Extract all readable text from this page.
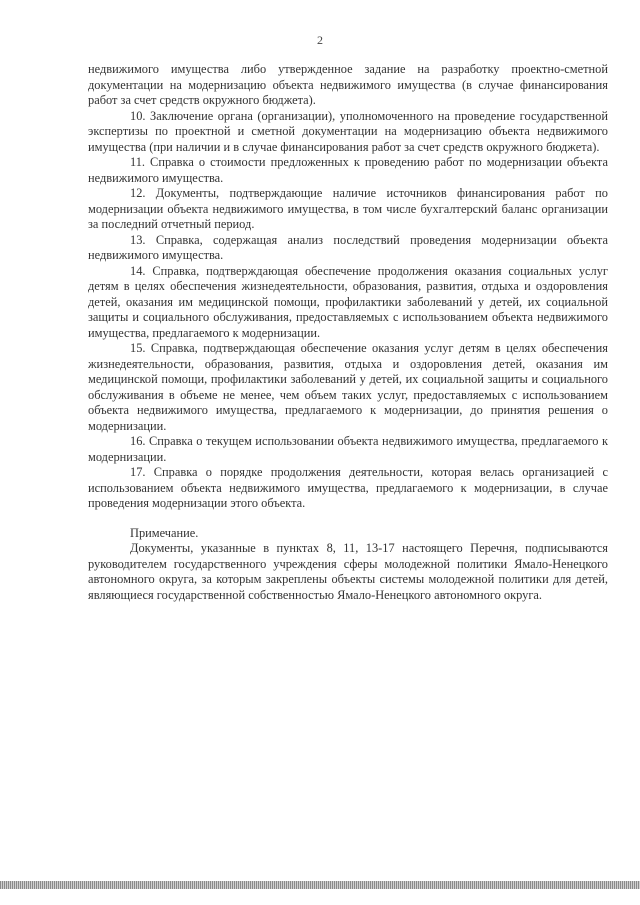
2

недвижимого имущества либо утвержденное задание на разработку проектно-сметной документации на модернизацию объекта недвижимого имущества (в случае финансирования работ за счет средств окружного бюджета).

10. Заключение органа (организации), уполномоченного на проведение государственной экспертизы по проектной и сметной документации на модернизацию объекта недвижимого имущества (при наличии и в случае финансирования работ за счет средств окружного бюджета).

11. Справка о стоимости предложенных к проведению работ по модернизации объекта недвижимого имущества.

12. Документы, подтверждающие наличие источников финансирования работ по модернизации объекта недвижимого имущества, в том числе бухгалтерский баланс организации за последний отчетный период.

13. Справка, содержащая анализ последствий проведения модернизации объекта недвижимого имущества.

14. Справка, подтверждающая обеспечение продолжения оказания социальных услуг детям в целях обеспечения жизнедеятельности, образования, развития, отдыха и оздоровления детей, оказания им медицинской помощи, профилактики заболеваний у детей, их социальной защиты и социального обслуживания, предоставляемых с использованием объекта недвижимого имущества, предлагаемого к модернизации.

15. Справка, подтверждающая обеспечение оказания услуг детям в целях обеспечения жизнедеятельности, образования, развития, отдыха и оздоровления детей, оказания им медицинской помощи, профилактики заболеваний у детей, их социальной защиты и социального обслуживания в объеме не менее, чем объем таких услуг, предоставляемых с использованием объекта недвижимого имущества, предлагаемого к модернизации, до принятия решения о модернизации.

16. Справка о текущем использовании объекта недвижимого имущества, предлагаемого к модернизации.

17. Справка о порядке продолжения деятельности, которая велась организацией с использованием объекта недвижимого имущества, предлагаемого к модернизации, в случае проведения модернизации этого объекта.

Примечание.

Документы, указанные в пунктах 8, 11, 13-17 настоящего Перечня, подписываются руководителем государственного учреждения сферы молодежной политики Ямало-Ненецкого автономного округа, за которым закреплены объекты системы молодежной политики для детей, являющиеся государственной собственностью Ямало-Ненецкого автономного округа.
